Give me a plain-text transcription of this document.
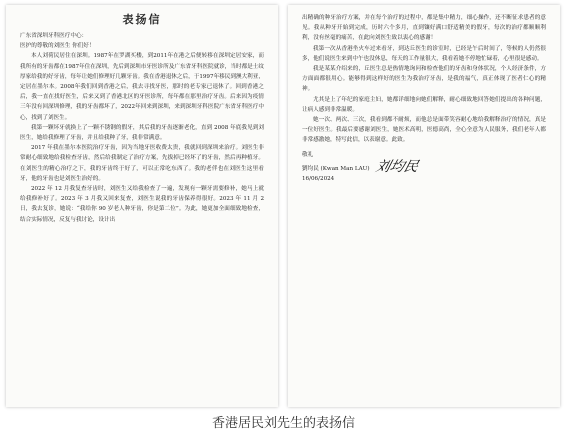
表扬信
广东省深圳牙科医疗中心：
医护的尊敬的刘医生 你们好！
本人刘荷民居住在深圳。1987年在罗湖买楼，到2011年在港之后便转移在深圳定居安家，而我所有的牙齿都在1987年住在深圳，先后到深圳市牙医诊所及广东省牙科医院就诊，当时都是士纹厚家给我的好牙齿，每年让她们修理好几颗牙齿。我在香港退休之后，于1997年移民到澳大利亚，定居在墨尔本。2008年我们回到香港之后，我去寻找牙医，那时的老专家已退休了。回到香港之后，我一直在找好医生，后来又到了香港北区的牙医诊所，每年都在那里治疗牙齿。后来因为疫情三年没有回深圳修理，我的牙齿都坏了，2022年回来到深圳，来到深圳牙科医院广东省牙科医疗中心，找到了刘医生。
我第一颗坏牙就换上了一颗不锈钢的假牙，其后我的牙齿逐渐老化，直到 2008 年底我见到刘医生，她给我修理了牙齿，并且给我种了牙，我非常满意。
2017 年我在墨尔本医院治疗牙齿，因为当地牙医收费太贵，我就回到深圳来治疗。刘医生非常耐心细致地给我检查牙齿，然后给我制定了治疗方案，先拔掉已经坏了的牙齿，然后再种植牙。在刘医生的精心治疗之下，我的牙齿终于好了，可以正常吃东西了。我的老伴也在刘医生这里看牙，他的牙齿也是刘医生治好的。
2022 年 12 月我复查牙齿时，刘医生又给我检查了一遍，发现有一颗牙需要修补，她马上就给我修补好了。2023 年 3 月我又回来复查，刘医生说我的牙齿保养得很好。2023 年 11 月 2 日，我去复诊，她说：“我给你 90 岁老人种牙齿，你是第二位”。为此，她更加全面细致地检查，结合实际情况，反复与我讨论，设计出
出精确的种牙治疗方案，并在每个治疗的过程中，都是集中精力，细心操作，还不断征求患者的意见。我从种牙开始到完成，历时六个多月，直到镶好满口舒适精美的假牙，每次的治疗都顺顺利利，没有丝毫的痛苦，在此向刘医生致以衷心的感谢！
我第一次从香港坐火车过来看牙，到达丘医生的诊室时，已经是午后时间了，等候的人仍然很多，他们说医生来到中午也没休息，每天的工作量很大，我看着她不停地忙碌着，心里很是感动。
我是某某介绍来的，丘医生总是热情地询问和检查他们的牙齿和身体状况，个人经济条件，方方面面都很用心。能够得到这样好的医生为我治疗牙齿，是我的福气，真正体现了医者仁心的精神。
尤其是上了年纪的家庭主妇，她都详细地向她们解释，耐心细致地回答她们提出的各种问题，让病人感到非常温暖。
她一次、两次、三次，我看到都不耐烦，而他总是面带笑容耐心地给我解释治疗的情况，真是一位好医生。我最后要感谢刘医生，她医术高明，医德高尚，全心全意为人民服务，我们老年人都非常感激她，特写此信，以表谢意。此致。
敬礼
劉均民 (Kwan Man LAU) 刘均民
16/06/2024
香港居民刘先生的表扬信
